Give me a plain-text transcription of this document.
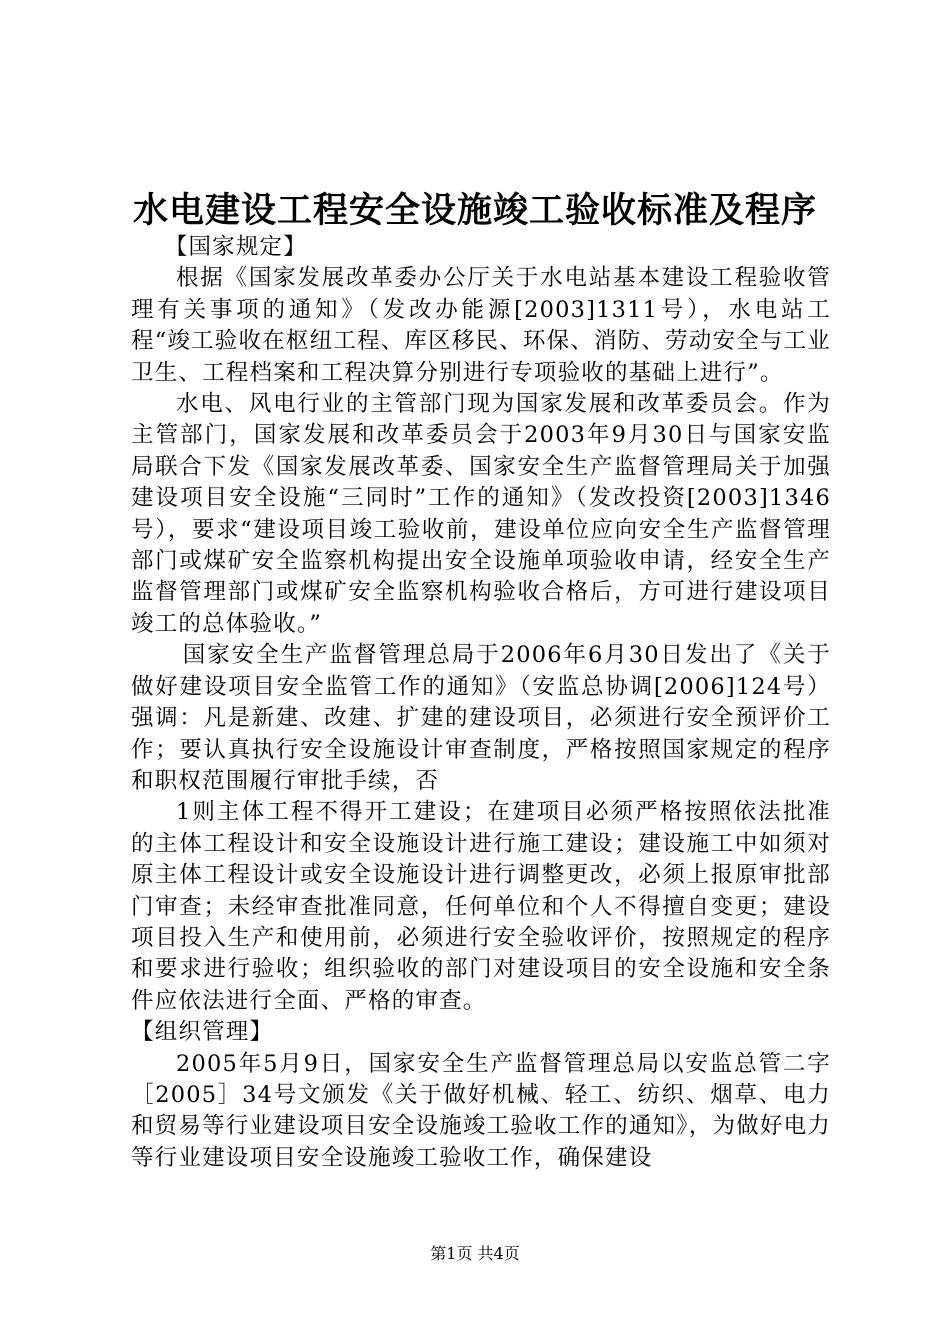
水电建设工程安全设施竣工验收标准及程序

【国家规定】

根据《国家发展改革委办公厅关于水电站基本建设工程验收管理有关事项的通知》（发改办能源[2003]1311号），水电站工程“竣工验收在枢纽工程、库区移民、环保、消防、劳动安全与工业卫生、工程档案和工程决算分别进行专项验收的基础上进行”。

水电、风电行业的主管部门现为国家发展和改革委员会。作为主管部门，国家发展和改革委员会于2003年9月30日与国家安监局联合下发《国家发展改革委、国家安全生产监督管理局关于加强建设项目安全设施“三同时”工作的通知》（发改投资[2003]1346号），要求“建设项目竣工验收前，建设单位应向安全生产监督管理部门或煤矿安全监察机构提出安全设施单项验收申请，经安全生产监督管理部门或煤矿安全监察机构验收合格后，方可进行建设项目竣工的总体验收。”

国家安全生产监督管理总局于2006年6月30日发出了《关于做好建设项目安全监管工作的通知》（安监总协调[2006]124号）强调：凡是新建、改建、扩建的建设项目，必须进行安全预评价工作；要认真执行安全设施设计审查制度，严格按照国家规定的程序和职权范围履行审批手续，否

1则主体工程不得开工建设；在建项目必须严格按照依法批准的主体工程设计和安全设施设计进行施工建设；建设施工中如须对原主体工程设计或安全设施设计进行调整更改，必须上报原审批部门审查；未经审查批准同意，任何单位和个人不得擅自变更；建设项目投入生产和使用前，必须进行安全验收评价，按照规定的程序和要求进行验收；组织验收的部门对建设项目的安全设施和安全条件应依法进行全面、严格的审查。

【组织管理】

2005年5月9日，国家安全生产监督管理总局以安监总管二字［2005］34号文颁发《关于做好机械、轻工、纺织、烟草、电力和贸易等行业建设项目安全设施竣工验收工作的通知》，为做好电力等行业建设项目安全设施竣工验收工作，确保建设

第1页 共4页
